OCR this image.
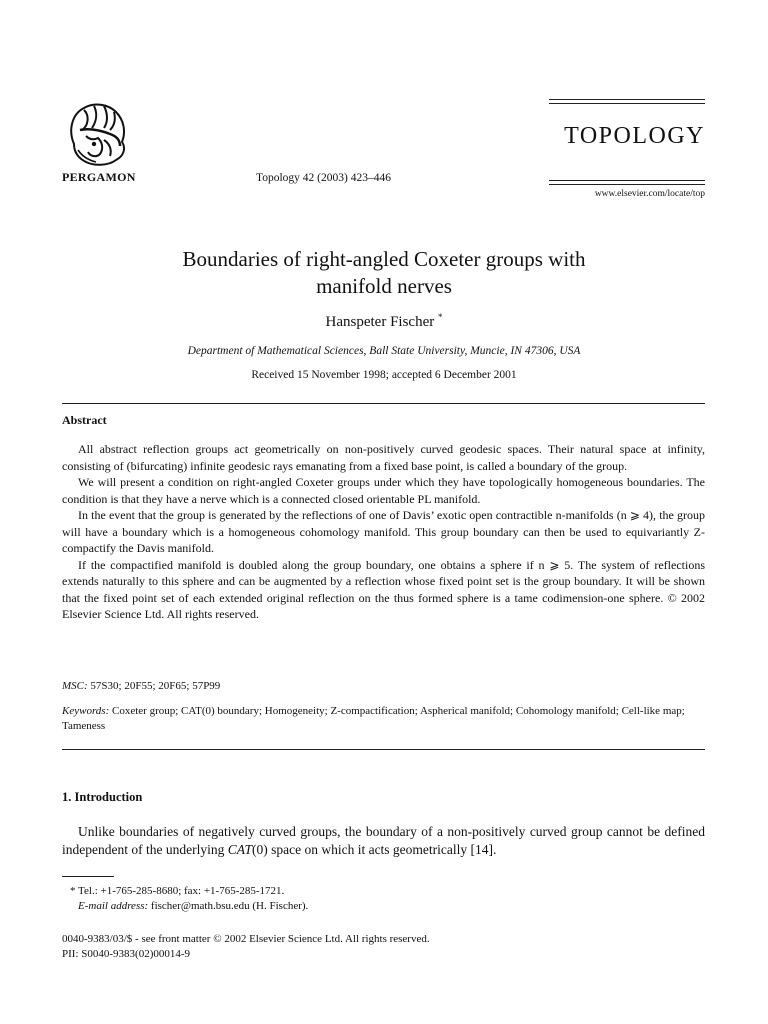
PERGAMON	Topology 42 (2003) 423–446
TOPOLOGY
www.elsevier.com/locate/top
Boundaries of right-angled Coxeter groups with
manifold nerves
Hanspeter Fischer *
Department of Mathematical Sciences, Ball State University, Muncie, IN 47306, USA
Received 15 November 1998; accepted 6 December 2001
Abstract

All abstract reflection groups act geometrically on non-positively curved geodesic spaces. Their natural space at infinity, consisting of (bifurcating) infinite geodesic rays emanating from a fixed base point, is called a boundary of the group.

We will present a condition on right-angled Coxeter groups under which they have topologically homogeneous boundaries. The condition is that they have a nerve which is a connected closed orientable PL manifold.

In the event that the group is generated by the reflections of one of Davis’ exotic open contractible n-manifolds (n ⩾ 4), the group will have a boundary which is a homogeneous cohomology manifold. This group boundary can then be used to equivariantly Z-compactify the Davis manifold.

If the compactified manifold is doubled along the group boundary, one obtains a sphere if n ⩾ 5. The system of reflections extends naturally to this sphere and can be augmented by a reflection whose fixed point set is the group boundary. It will be shown that the fixed point set of each extended original reflection on the thus formed sphere is a tame codimension-one sphere. © 2002 Elsevier Science Ltd. All rights reserved.

MSC: 57S30; 20F55; 20F65; 57P99
Keywords: Coxeter group; CAT(0) boundary; Homogeneity; Z-compactification; Aspherical manifold; Cohomology manifold; Cell-like map; Tameness
1. Introduction

Unlike boundaries of negatively curved groups, the boundary of a non-positively curved group cannot be defined independent of the underlying CAT(0) space on which it acts geometrically [14].

* Tel.: +1-765-285-8680; fax: +1-765-285-1721.
E-mail address: fischer@math.bsu.edu (H. Fischer).
0040-9383/03/$ - see front matter © 2002 Elsevier Science Ltd. All rights reserved.
PII: S0040-9383(02)00014-9
